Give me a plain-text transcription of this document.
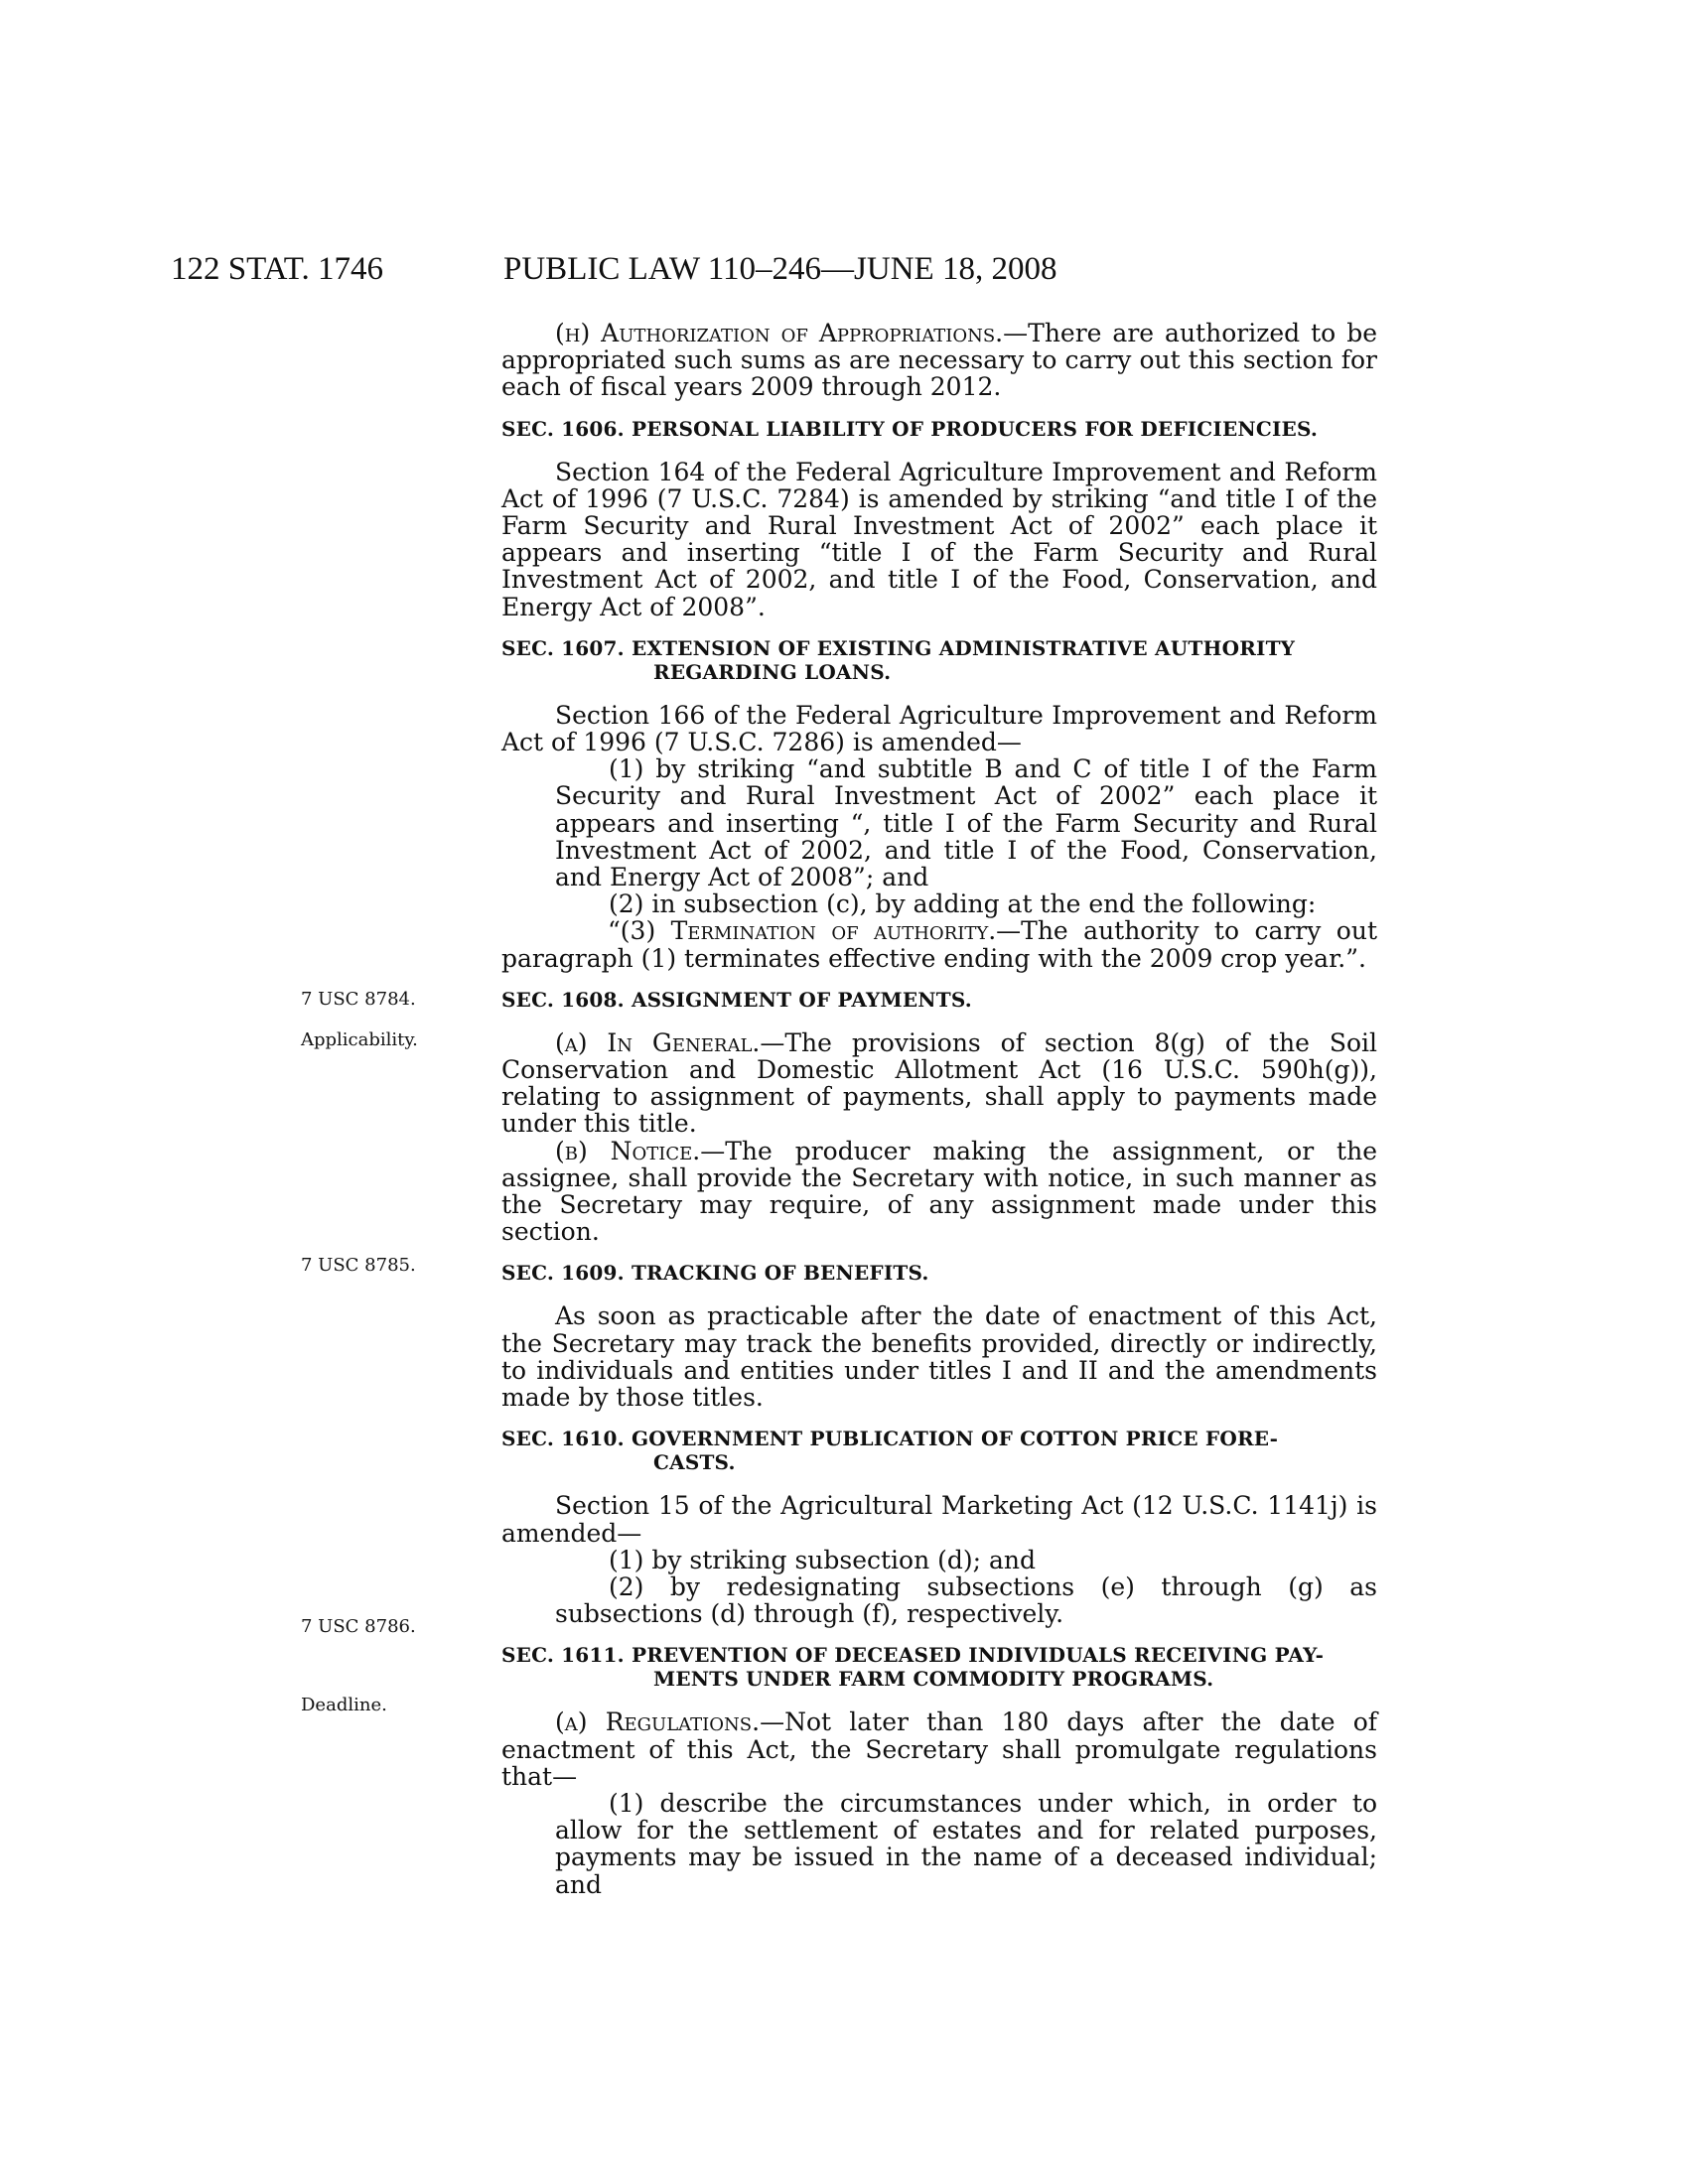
122 STAT. 1746	PUBLIC LAW 110–246—JUNE 18, 2008
7 USC 8784.
Applicability.
7 USC 8785.
7 USC 8786.
Deadline.

(h) Authorization of Appropriations.—There are authorized to be appropriated such sums as are necessary to carry out this section for each of fiscal years 2009 through 2012.

SEC. 1606. PERSONAL LIABILITY OF PRODUCERS FOR DEFICIENCIES.

Section 164 of the Federal Agriculture Improvement and Reform Act of 1996 (7 U.S.C. 7284) is amended by striking “and title I of the Farm Security and Rural Investment Act of 2002” each place it appears and inserting “title I of the Farm Security and Rural Investment Act of 2002, and title I of the Food, Conservation, and Energy Act of 2008”.

SEC. 1607. EXTENSION OF EXISTING ADMINISTRATIVE AUTHORITY
REGARDING LOANS.

Section 166 of the Federal Agriculture Improvement and Reform Act of 1996 (7 U.S.C. 7286) is amended—

(1) by striking “and subtitle B and C of title I of the Farm Security and Rural Investment Act of 2002” each place it appears and inserting “, title I of the Farm Security and Rural Investment Act of 2002, and title I of the Food, Conservation, and Energy Act of 2008”; and

(2) in subsection (c), by adding at the end the following:

“(3) Termination of authority.—The authority to carry out paragraph (1) terminates effective ending with the 2009 crop year.”.

SEC. 1608. ASSIGNMENT OF PAYMENTS.

(a) In General.—The provisions of section 8(g) of the Soil Conservation and Domestic Allotment Act (16 U.S.C. 590h(g)), relating to assignment of payments, shall apply to payments made under this title.

(b) Notice.—The producer making the assignment, or the assignee, shall provide the Secretary with notice, in such manner as the Secretary may require, of any assignment made under this section.

SEC. 1609. TRACKING OF BENEFITS.

As soon as practicable after the date of enactment of this Act, the Secretary may track the benefits provided, directly or indirectly, to individuals and entities under titles I and II and the amendments made by those titles.

SEC. 1610. GOVERNMENT PUBLICATION OF COTTON PRICE FORE-
CASTS.

Section 15 of the Agricultural Marketing Act (12 U.S.C. 1141j) is amended—

(1) by striking subsection (d); and

(2) by redesignating subsections (e) through (g) as subsections (d) through (f), respectively.

SEC. 1611. PREVENTION OF DECEASED INDIVIDUALS RECEIVING PAY-
MENTS UNDER FARM COMMODITY PROGRAMS.

(a) Regulations.—Not later than 180 days after the date of enactment of this Act, the Secretary shall promulgate regulations that—

(1) describe the circumstances under which, in order to allow for the settlement of estates and for related purposes, payments may be issued in the name of a deceased individual; and
